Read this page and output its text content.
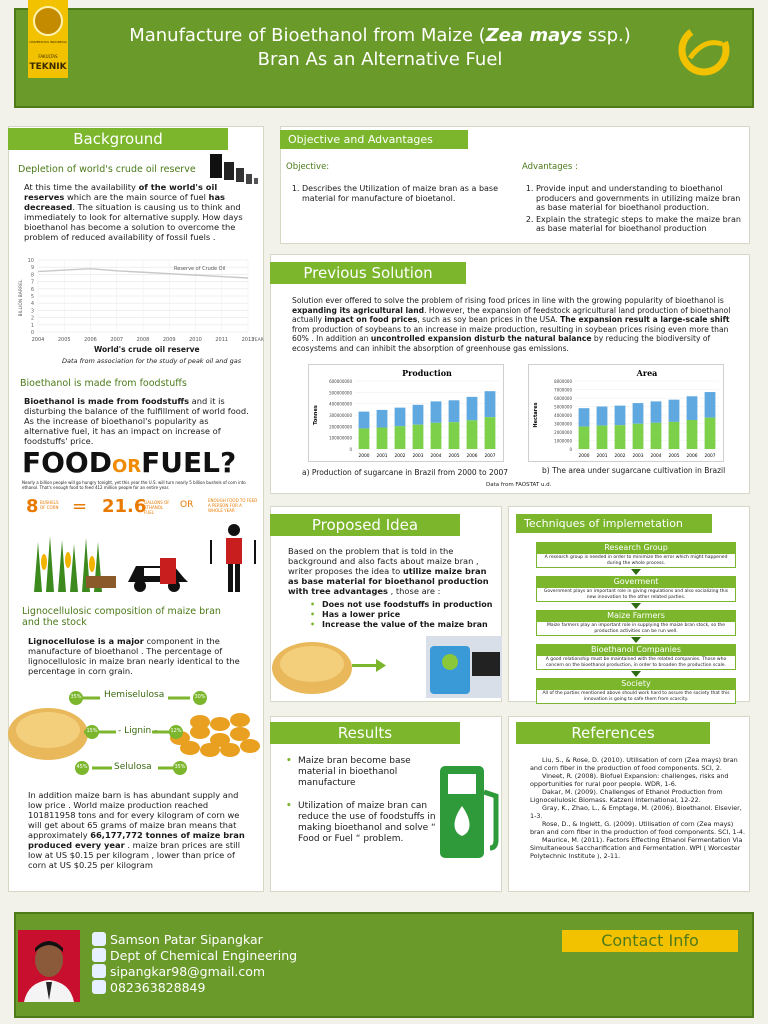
UNIVERSITAS INDONESIA
FAKULTAS
TEKNIK
Manufacture of Bioethanol from Maize (Zea mays ssp.)
Bran As an Alternative Fuel
Background
Depletion of world's crude oil reserve
At this time the availability of the world's oil reserves which are the main source of fuel has decreased. The situation is causing us to think and immediately to look for alternative supply. How days bioethanol has become a solution to overcome the problem of reduced availability of fossil fuels .
0
1
2
3
4
5
6
7
8
9
10
2004	2005	2006	2007	2008	2009	2010	2011	2012
YEAR
BILLION BARREL
Reserve of Crude Oil
World's crude oil reserve
Data from association for the study of peak oil and gas
Bioethanol is made from foodstuffs
Bioethanol is made from foodstuffs and it is disturbing the balance of the fulfillment of world food. As the increase of bioethanol's popularity as alternative fuel, it has an impact on increase of foodstuffs' price.
FOODORFUEL?
Nearly a billion people will go hungry tonight, yet this year the U.S. will turn nearly 5 billion bushels of corn into ethanol. That's enough food to feed 412 million people for an entire year.
8 BUSHELS OF CORN = 21.6
GALLONS OF ETHANOL FUEL
OR	ENOUGH FOOD TO FEED A PERSON FOR A WHOLE YEAR
Lignocellulosic composition of maize bran and the stock
Lignocellulose is a major component in the manufacture of bioethanol . The percentage of lignocellulosic in maize bran nearly identical to the percentage in corn grain.
35%	30%
15%	12%
45%	35%
Hemiselulosa
- Lignin -
Selulosa
In addition maize barn is has abundant supply and low price . World maize production reached 101811958 tons and for every kilogram of corn we will get about 65 grams of maize bran means that approximately 66,177,772 tonnes of maize bran produced every year . maize bran prices are still low at US $0.15 per kilogram , lower than price of corn at US $0.25 per kilogram
Objective and Advantages
Objective:
1. Describes the Utilization of maize bran as a base material for manufacture of bioetanol.
Advantages :
1. Provide input and understanding to bioethanol producers and governments in utilizing maize bran as base material for bioethanol production.
2. Explain the strategic steps to make the maize bran as base material for bioethanol production
Previous Solution
Solution ever offered to solve the problem of rising food prices in line with the growing popularity of bioethanol is expanding its agricultural land. However, the expansion of feedstock agricultural land production of bioethanol actually impact on food prices, such as soy bean prices in the USA. The expansion result a large-scale shift from production of soybeans to an increase in maize production, resulting in soybean prices rising even more than 60% . In addition an uncontrolled expansion disturb the natural balance by reducing the biodiversity of ecosystems and can inhibit the absorption of greenhouse gas emissions.
Production
0
100000000
200000000
300000000
400000000
500000000
600000000
Tonnes
2000 2001 2002 2003 2004 2005 2006 2007
Area
0
1000000
2000000
3000000
4000000
5000000
6000000
7000000
8000000
Hectares
2000 2001 2002 2003 2004 2005 2006 2007
a) Production of sugarcane in Brazil from 2000 to 2007	b) The area under sugarcane cultivation in Brazil
Data from FAOSTAT u.d.
Proposed Idea
Based on the problem that is told in the background and also facts about maize bran , writer proposes the idea to utilize maize bran as base material for bioethanol production with tree advantages , those are :
• Does not use foodstuffs in production
• Has a lower price
• Increase the value of the maize bran
Techniques of implemetation
Research Group
A research group is needed in order to minimize the error which might happened during the whole process.
Goverment
Government plays an important role in giving regulations and also socializing this new innovation to the other related parties.
Maize Farmers
Maize farmers play an important role in supplying the maize bran stock, so the production activities can be run well.
Bioethanol Companies
A good relationship must be maintained with the related companies. Those who concern on the bioethanol production, in order to broaden the production scale.
Society
All of the parties mentioned above should work hard to assure the society that this innovation is going to safe them from scarcity.
Results
• Maize bran become base material in bioethanol manufacture
• Utilization of maize bran can reduce the use of foodstuffs in making bioethanol and solve “ Food or Fuel “ problem.
References
Liu, S., & Rose, D. (2010). Utilisation of corn (Zea mays) bran and corn fiber in the production of food components. SCI, 2.
Vineet, R. (2008). Biofuel Expansion: challenges, risks and opportunities for rural poor people. WDR, 1-6.
Dakar, M. (2009). Challenges of Ethanol Production from Lignocellulosic Biomass. Katzeni International, 12-22.
Gray, K., Zhao, L., & Emptage, M. (2006). Bioethanol. Elsevier, 1-3.
Rose, D., & Inglett, G. (2009). Utilisation of corn (Zea mays) bran and corn fiber in the production of food components. SCI, 1-4.
Maurice, M. (2011). Factors Effecting Ethanol Fermentation Via Simultaneous Saccharification and Fermentation. WPI ( Worcester Polytechnic Institute ), 2-11.
Samson Patar Sipangkar
Dept of Chemical Engineering
sipangkar98@gmail.com
082363828849
Contact Info
